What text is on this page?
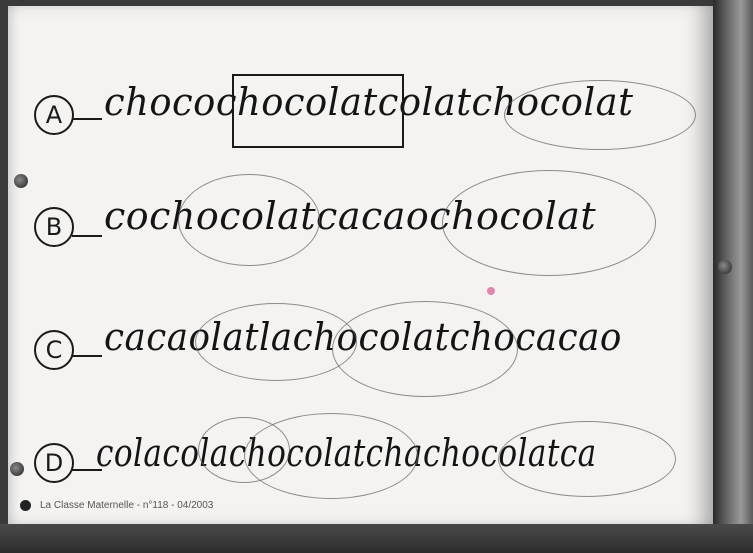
A	chocochocolatcolatchocolat
B	cochocolatcacaochocolat
C	cacaolatlachocolatchocacao
D colacolachocolatchachocolatca
La Classe Maternelle - n°118 - 04/2003
